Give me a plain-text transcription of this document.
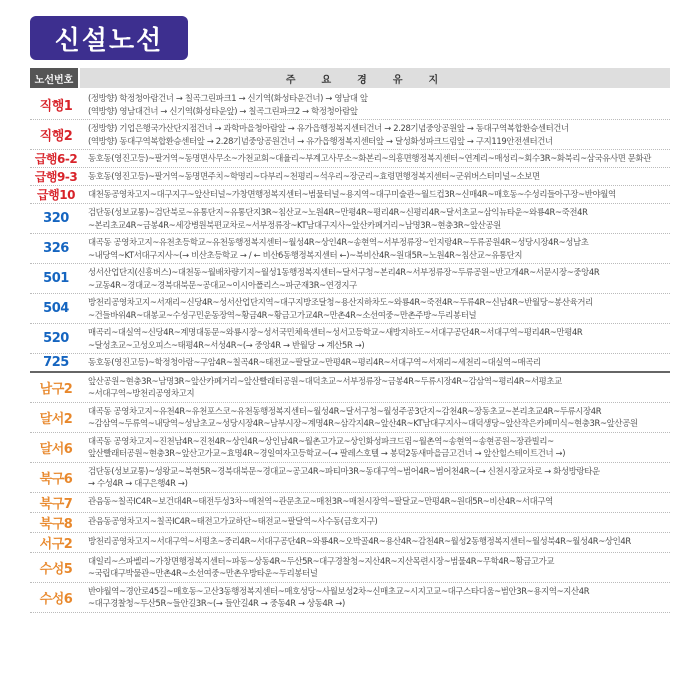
신설노선
노선번호	주요경유지
직행1
(정방향) 학정청아람건너 → 칠곡그린파크1 → 신기역(화성타운건너) → 영남대 앞
(역방향) 영남대건너 → 신기역(화성타운앞) → 칠곡그린파크2 → 학정청아람앞
직행2
(정방향) 기업은행국가산단지점건너 → 과학마을청아람앞 → 유가읍행정복지센터건너 → 2.28기념중앙공원앞 → 동대구역복합환승센터건너
(역방향) 동대구역복합환승센터앞 → 2.28기념중앙공원건너 → 유가읍행정복지센터앞 → 달성화성파크드림앞 → 구지119안전센터건너
급행6-2	동호동(영진고등)~팔거역~동명면사무소~가천교회~대율리~부계고사무소~화본리~의흥면행정복지센터~연계리~매성리~회수3R~화북리~삼국유사면 문화관
급행9-3	동호동(영진고등)~팔거역~동명면주치~학명리~다부리~천평리~석우리~장군리~효령면행정복지센터~군위버스터미널~소보면
급행10	대천동공영차고지~대구지구~앞산터널~가창면행정복지센터~범물터널~용지역~대구미술관~월드컵3R~신매4R~매호동~수성리들아구장~반야월역
320	검단동(성보교통)~검단북로~유통단지~유통단지3R~침산교~노원4R~만평4R~평리4R~신평리4R~달서초교~삼익뉴타운~와룡4R~죽전4R
~본리초교4R~금봉4R~세강병원북편교차로~서부정류장~KT남대구지사~앞산카페거리~남명3R~현충3R~앞산공원
326	대곡동 공영차고지~유천초등학교~유천동행정복지센터~월성4R~상인4R~송현역~서부정류장~인지랑4R~두류공원4R~성당시장4R~성남초
~내당역~KT서대구지사~(→ 비산초등학교 → / ← 비산6동행정복지센터 ←)~북비산4R~원대5R~노원4R~침산교~유통단지
501	성서산업단지(신흥버스)~대천동~월배차량기지~월성1동행정복지센터~달서구청~본리4R~서부정류장~두류공원~반고개4R~서문시장~중앙4R
~교동4R~경대교~경북대북문~공대교~이시아폴리스~파군재3R~연경지구
504	방천리공영차고지~서재리~신당4R~성서산업단지역~대구지방조달청~용산지하차도~와룡4R~죽전4R~두류4R~신남4R~반월당~봉산육거리
~건들바위4R~대봉교~수성구민운동장역~황금4R~황금고가교4R~만촌4R~소선여중~만촌주방~두리봉터널
520	매곡리~대실역~신당4R~계명대동문~와룡시장~성서국민체육센터~성서고등학교~새방지하도~서대구공단4R~서대구역~평리4R~만평4R
~달성초교~고성오피스~태평4R~서성4R~(→ 중앙4R → 반월당 → 계산5R →)
725	동호동(영진고등)~학정청아람~구암4R~칠곡4R~태전교~팔달교~만평4R~평리4R~서대구역~서재리~세천리~대실역~매곡리
남구2
앞산공원~현충3R~남명3R~앞산카페거리~앞산빨래터공원~대덕초교~서부정류장~금봉4R~두류시장4R~감삼역~평리4R~서평초교
~서대구역~방천리공영차고지
달서2
대곡동 공영차고지~유천4R~유천포스코~유천동행정복지센터~월성4R~달서구청~월성주공3단지~감천4R~장동초교~본리초교4R~두류시장4R
~감삼역~두류역~내당역~성남초교~성당시장4R~남부시장~계명4R~삼각지4R~앞산4R~KT남대구지사~대덕생당~앞산작은카페미식~현충3R~앞산공원
달서6
대곡동 공영차고지~진천남4R~진천4R~상인4R~상인남4R~월촌고가교~상인화성파크드림~월촌역~송현역~송현공원~장관빌리~
앞산빨래터공원~현충3R~앞산고가교~효명4R~경일여자고등학교~(→ 팔레스호텔 → 봉덕2동새마을금고건너 → 앞산힐스테이트건너 →)
북구6
검단동(성보교통)~성왕교~북현5R~경북대북문~경대교~공고4R~파티마3R~동대구역~범어4R~범어천4R~(→ 신천시장교차로 → 화성방랑타운
→ 수성4R → 대구은행4R →)
북구7	관음동~칠곡IC4R~보건대4R~태전두성3차~매천역~관문초교~매천3R~매천시장역~팔달교~만평4R~원대5R~비산4R~서대구역
북구8	관음동공영차고지~칠곡IC4R~태전고가교하단~태전교~팔달역~사수동(금호지구)
서구2	방천리공영차고지~서대구역~서평초~중리4R~서대구공단4R~와룡4R~오박골4R~용산4R~감천4R~월성2동행정복지센터~월성북4R~월성4R~상인4R
수성5
대일리~스파벨리~가창면행정복지센터~파동~상동4R~두산5R~대구경찰청~지산4R~지산목련시장~범물4R~무학4R~황금고가교
~국립대구박물관~만촌4R~소선여중~만촌우방타운~두리봉터널
수성6
반야월역~경안로45길~매호동~고산3동행정복지센터~매호성당~사월보성2차~신매초교~시지고교~대구스타디움~범안3R~용지역~지산4R
~대구경찰청~두산5R~들안길3R~(→ 들안길4R → 중동4R → 상동4R →)
